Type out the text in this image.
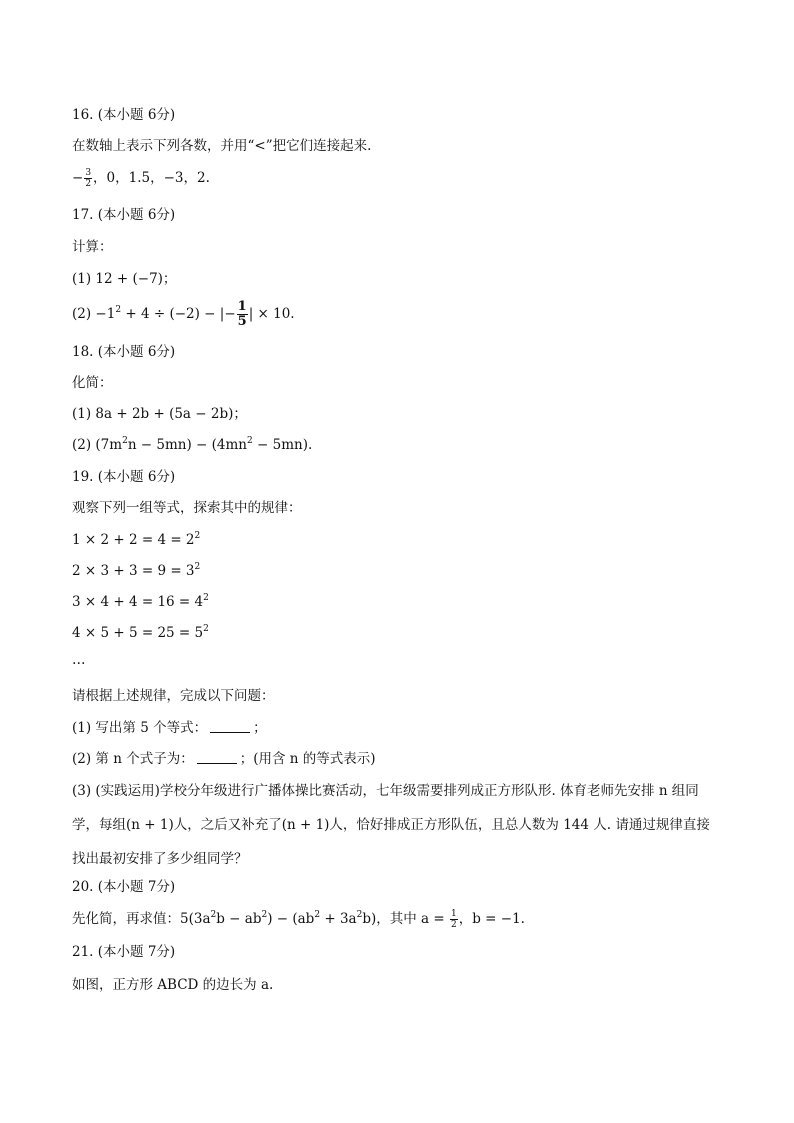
16. (本小题 6分)
在数轴上表示下列各数，并用“<”把它们连接起来.
− $\frac{3}{2}$ ，0，1.5，−3，2.
17. (本小题 6分)
计算：
(1) 12 + (−7)；
$(2) -1^2 + 4 \div (-2)$ − |− $\frac{1}{5}$ | × 10.
18. (本小题 6分)
化简：
(1) 8a + 2b + (5a − 2b)；
(2) $(7m^2n - 5mn) - (4mn^2 - 5mn)$.
19. (本小题 6分)
观察下列一组等式，探索其中的规律：
$1 \times 2 + 2 = 4 = 2^2$
$2 \times 3 + 3 = 9 = 3^2$
$3 \times 4 + 4 = 16 = 4^2$
$4 \times 5 + 5 = 25 = 5^2$
…
请根据上述规律，完成以下问题：
(1) 写出第 5 个等式：	；
(2) 第 n 个式子为：	；(用含 n 的等式表示)
(3) (实践运用)学校分年级进行广播体操比赛活动，七年级需要排列成正方形队形. 体育老师先安排 n 组同学，每组(n + 1)人，之后又补充了(n + 1)人，恰好排成正方形队伍，且总人数为 144 人. 请通过规律直接找出最初安排了多少组同学？
20. (本小题 7分)
先化简，再求值：$5(3a^2b - ab^2) - (ab^2 + 3a^2b)$，其中 $a = \frac{1}{2}$ ，b = −1.
21. (本小题 7分)
如图，正方形 ABCD 的边长为 a.
